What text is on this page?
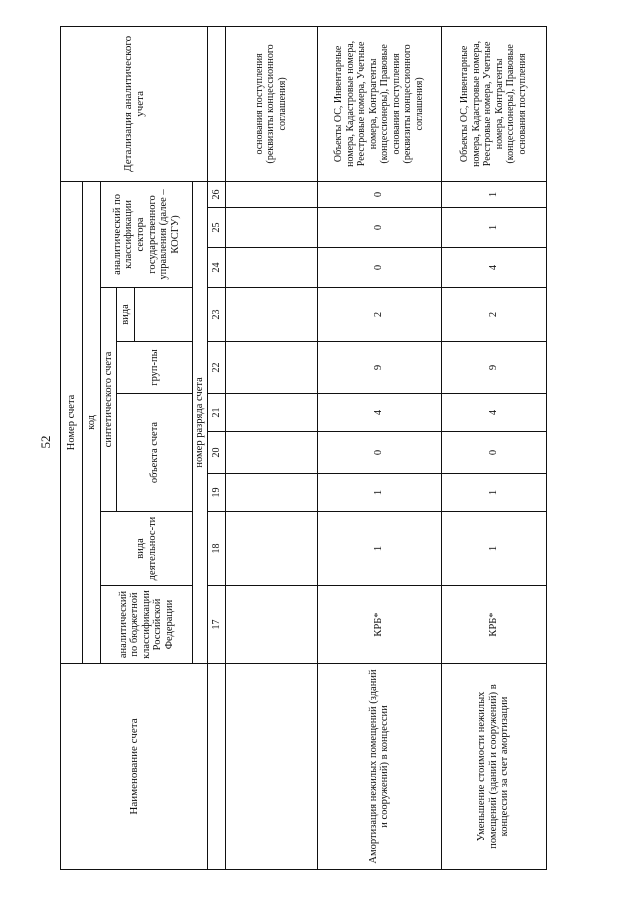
52
Наименование счета	Номер счета										Детализация аналитического учета
	код										
	аналитический по бюджетной классификации Российской Федерации	вида деятельнос-ти	синтетического счета					аналитический по классификации сектора государственного управления (далее – КОСГУ)			
			объекта счета			груп-пы	вида				

	номер разряда счета										
	17	18	19	20	21	22	23	24	25	26	
											основания поступления (реквизиты концессионного соглашения)
Амортизация нежилых помещений (зданий и сооружений) в концессии	КРБ*	1	1	0	4	9	2	0	0	0	Объекты ОС, Инвентарные номера, Кадастровые номера, Реестровые номера, Учетные номера, Контрагенты (концессионеры), Правовые основания поступления (реквизиты концессионного соглашения)
Уменьшение стоимости нежилых помещений (зданий и сооружений) в концессии за счет амортизации	КРБ*	1	1	0	4	9	2	4	1	1	Объекты ОС, Инвентарные номера, Кадастровые номера, Реестровые номера, Учетные номера, Контрагенты (концессионеры), Правовые основания поступления
